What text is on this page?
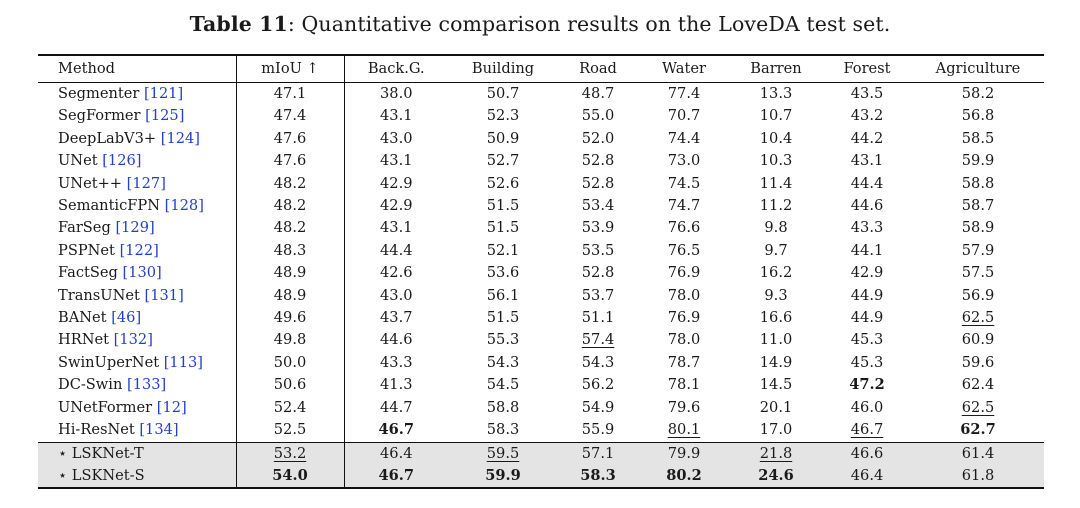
Table 11: Quantitative comparison results on the LoveDA test set.
Method	mIoU ↑	Back.G.	Building	Road	Water	Barren	Forest	Agriculture
Segmenter [121]	47.1	38.0	50.7	48.7	77.4	13.3	43.5	58.2
SegFormer [125]	47.4	43.1	52.3	55.0	70.7	10.7	43.2	56.8
DeepLabV3+ [124]	47.6	43.0	50.9	52.0	74.4	10.4	44.2	58.5
UNet [126]	47.6	43.1	52.7	52.8	73.0	10.3	43.1	59.9
UNet++ [127]	48.2	42.9	52.6	52.8	74.5	11.4	44.4	58.8
SemanticFPN [128]	48.2	42.9	51.5	53.4	74.7	11.2	44.6	58.7
FarSeg [129]	48.2	43.1	51.5	53.9	76.6	9.8	43.3	58.9
PSPNet [122]	48.3	44.4	52.1	53.5	76.5	9.7	44.1	57.9
FactSeg [130]	48.9	42.6	53.6	52.8	76.9	16.2	42.9	57.5
TransUNet [131]	48.9	43.0	56.1	53.7	78.0	9.3	44.9	56.9
BANet [46]	49.6	43.7	51.5	51.1	76.9	16.6	44.9	62.5
HRNet [132]	49.8	44.6	55.3	57.4	78.0	11.0	45.3	60.9
SwinUperNet [113]	50.0	43.3	54.3	54.3	78.7	14.9	45.3	59.6
DC-Swin [133]	50.6	41.3	54.5	56.2	78.1	14.5	47.2	62.4
UNetFormer [12]	52.4	44.7	58.8	54.9	79.6	20.1	46.0	62.5
Hi-ResNet [134]	52.5	46.7	58.3	55.9	80.1	17.0	46.7	62.7
⋆ LSKNet-T	53.2	46.4	59.5	57.1	79.9	21.8	46.6	61.4
⋆ LSKNet-S	54.0	46.7	59.9	58.3	80.2	24.6	46.4	61.8
